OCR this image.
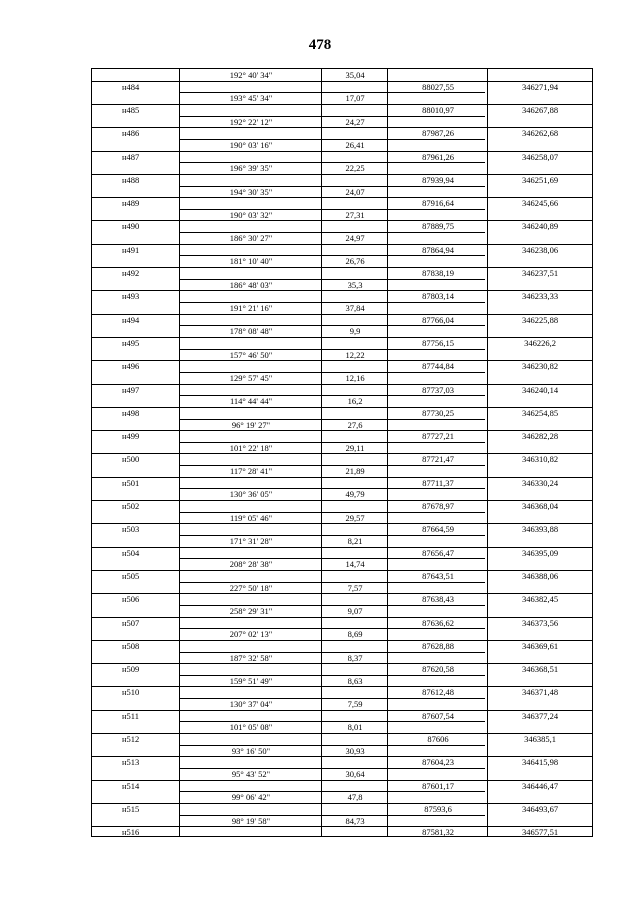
478
192° 40' 34"	35,04
н484	88027,55	346271,94
193° 45' 34"	17,07
н485	88010,97	346267,88
192° 22' 12"	24,27
н486	87987,26	346262,68
190° 03' 16"	26,41
н487	87961,26	346258,07
196° 39' 35"	22,25
н488	87939,94	346251,69
194° 30' 35"	24,07
н489	87916,64	346245,66
190° 03' 32"	27,31
н490	87889,75	346240,89
186° 30' 27"	24,97
н491	87864,94	346238,06
181° 10' 40"	26,76
н492	87838,19	346237,51
186° 48' 03"	35,3
н493	87803,14	346233,33
191° 21' 16"	37,84
н494	87766,04	346225,88
178° 08' 48"	9,9
н495	87756,15	346226,2
157° 46' 50"	12,22
н496	87744,84	346230,82
129° 57' 45"	12,16
н497	87737,03	346240,14
114° 44' 44"	16,2
н498	87730,25	346254,85
96° 19' 27"	27,6
н499	87727,21	346282,28
101° 22' 18"	29,11
н500	87721,47	346310,82
117° 28' 41"	21,89
н501	87711,37	346330,24
130° 36' 05"	49,79
н502	87678,97	346368,04
119° 05' 46"	29,57
н503	87664,59	346393,88
171° 31' 28"	8,21
н504	87656,47	346395,09
208° 28' 38"	14,74
н505	87643,51	346388,06
227° 50' 18"	7,57
н506	87638,43	346382,45
258° 29' 31"	9,07
н507	87636,62	346373,56
207° 02' 13"	8,69
н508	87628,88	346369,61
187° 32' 58"	8,37
н509	87620,58	346368,51
159° 51' 49"	8,63
н510	87612,48	346371,48
130° 37' 04"	7,59
н511	87607,54	346377,24
101° 05' 08"	8,01
н512	87606	346385,1
93° 16' 50"	30,93
н513	87604,23	346415,98
95° 43' 52"	30,64
н514	87601,17	346446,47
99° 06' 42"	47,8
н515	87593,6	346493,67
98° 19' 58"	84,73
н516	87581,32	346577,51
